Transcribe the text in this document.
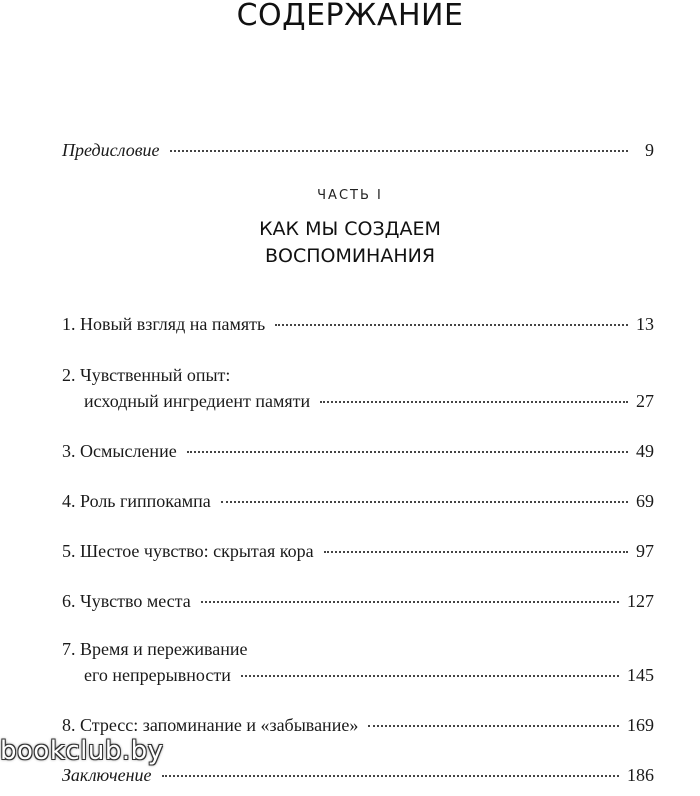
СОДЕРЖАНИЕ
Предисловие	9
ЧАСТЬ I
КАК МЫ СОЗДАЕМ
ВОСПОМИНАНИЯ
1. Новый взгляд на память	13
2. Чувственный опыт:
исходный ингредиент памяти	27
3. Осмысление	49
4. Роль гиппокампа	69
5. Шестое чувство: скрытая кора	97
6. Чувство места	127
7. Время и переживание
его непрерывности	145
8. Стресс: запоминание и «забывание»	169
Заключение	186
bookclub.by
